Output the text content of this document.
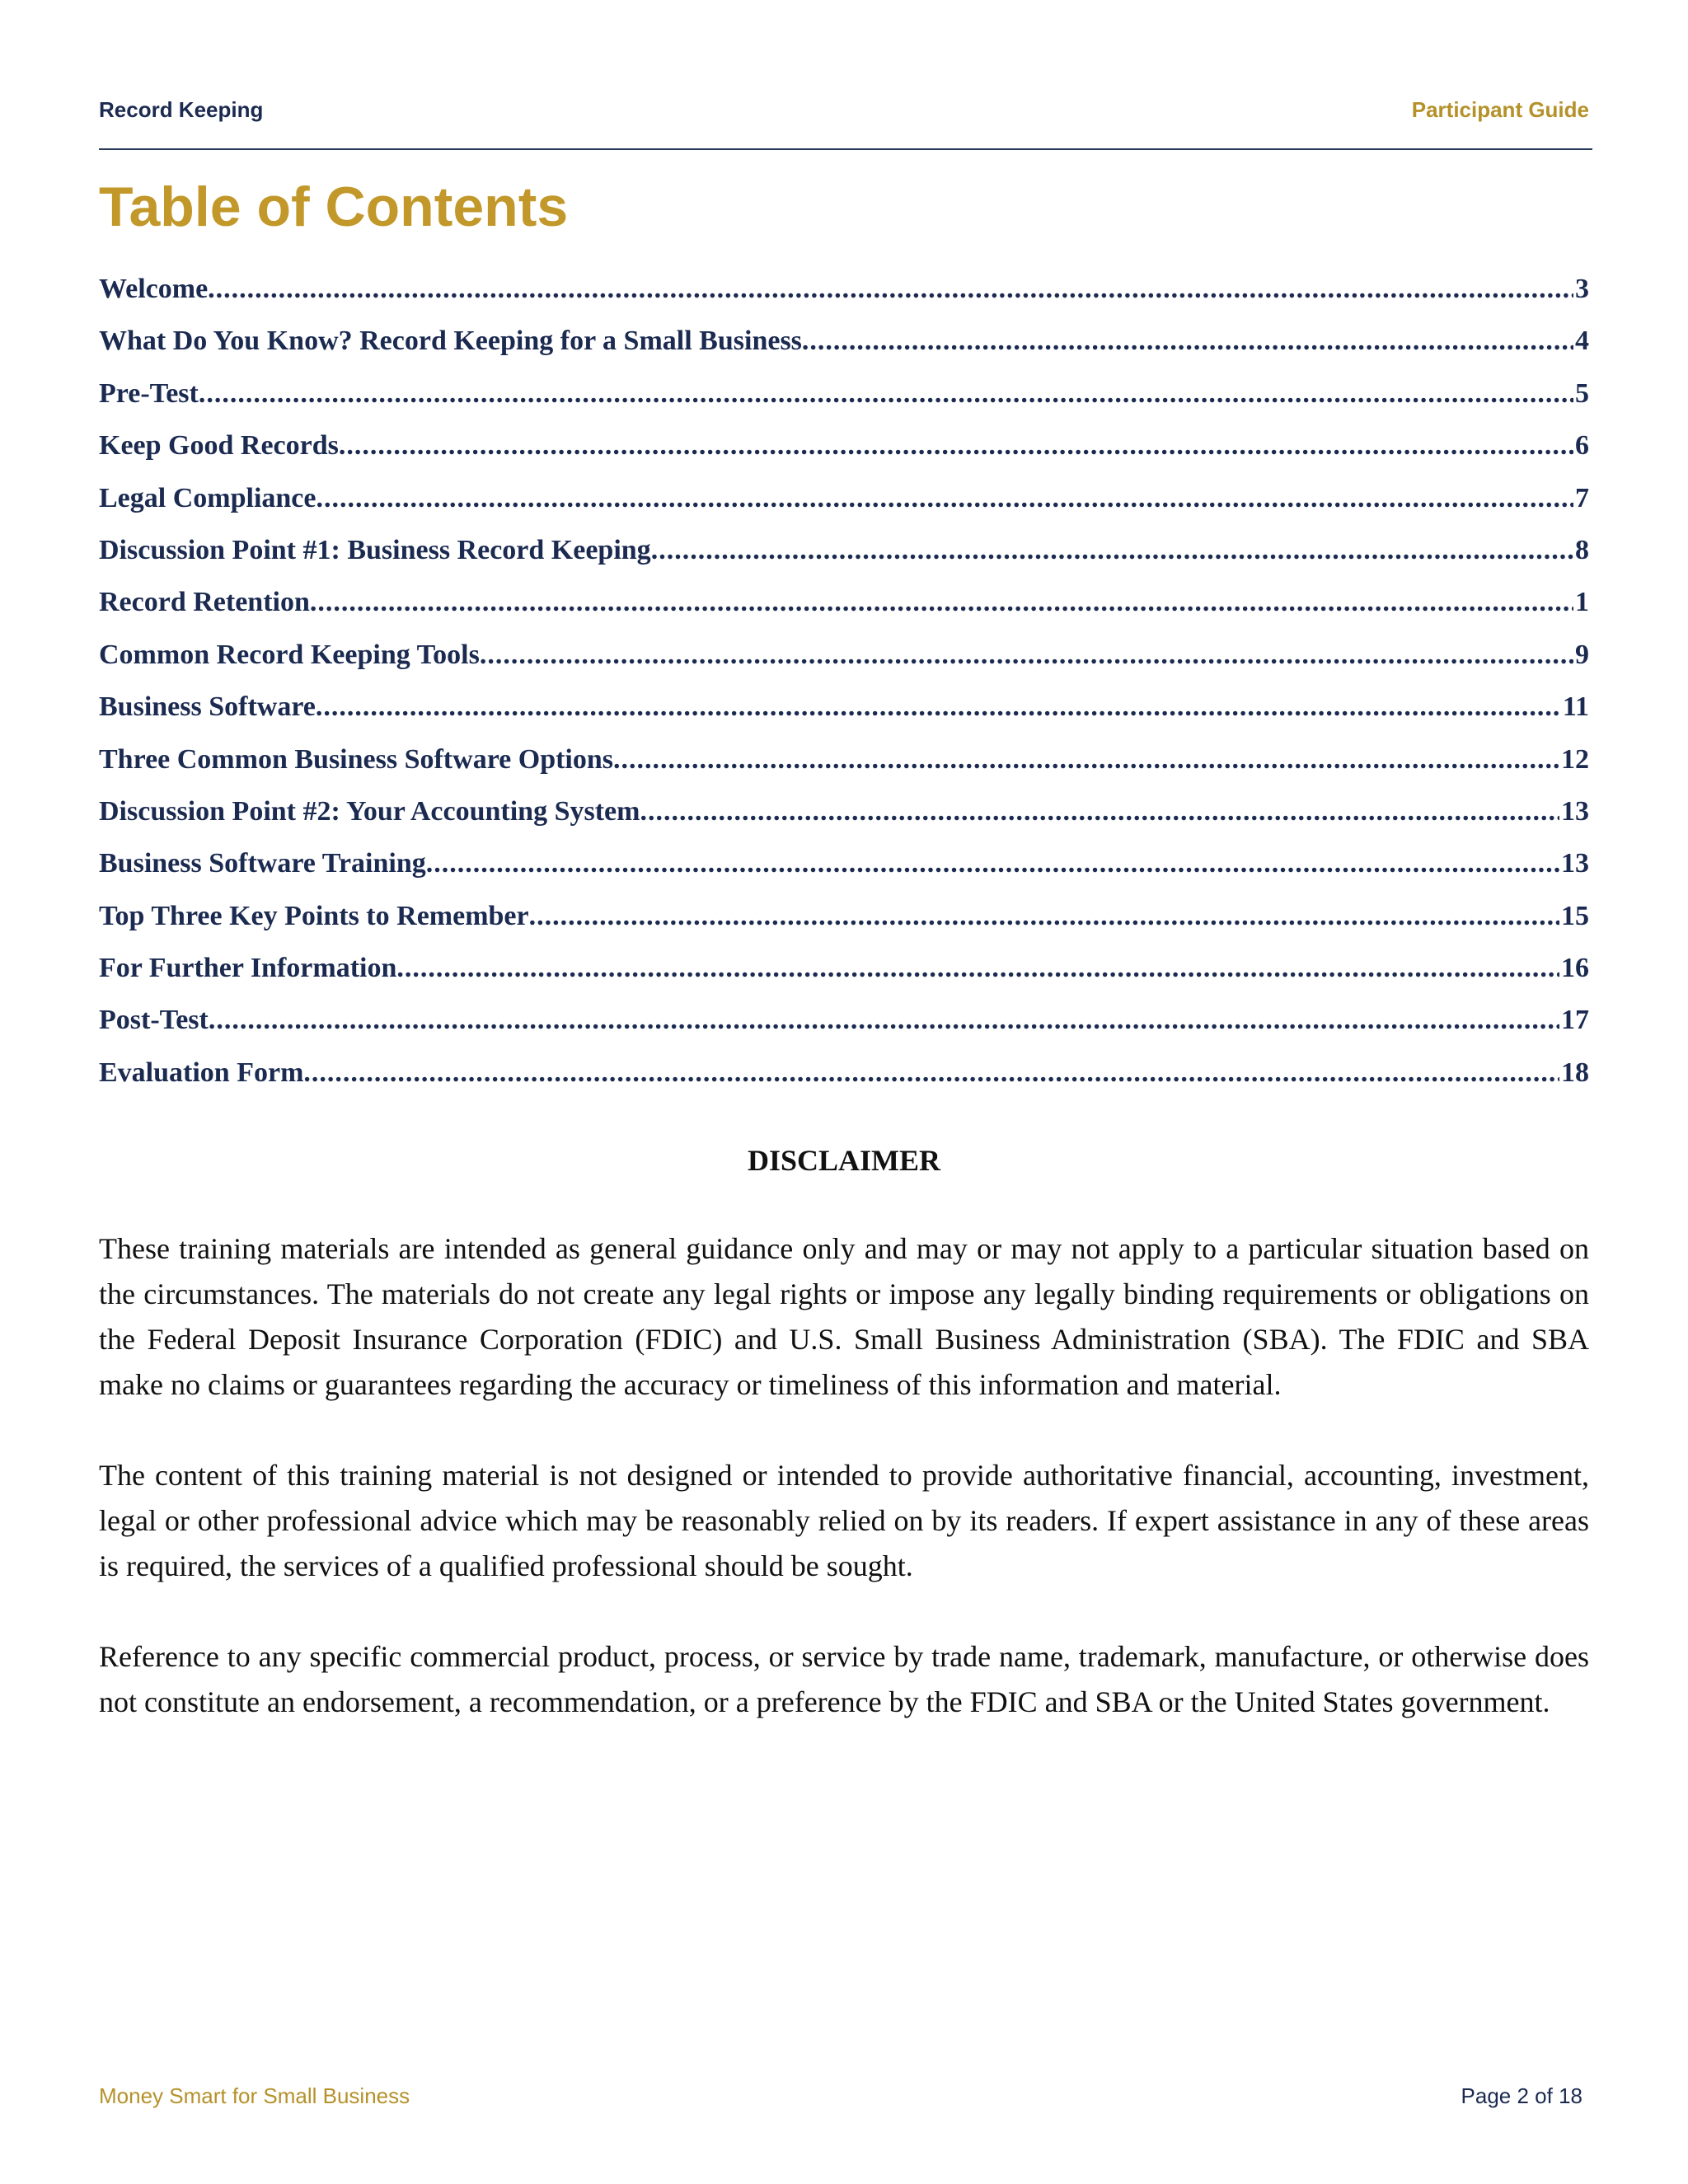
Record Keeping	Participant Guide
Table of Contents
Welcome .....	3
What Do You Know? Record Keeping for a Small Business .....	4
Pre-Test .....	5
Keep Good Records .....	6
Legal Compliance .....	7
Discussion Point #1: Business Record Keeping .....	8
Record Retention .....	1
Common Record Keeping Tools .....	9
Business Software .....	11
Three Common Business Software Options .....	12
Discussion Point #2: Your Accounting System .....	13
Business Software Training .....	13
Top Three Key Points to Remember .....	15
For Further Information .....	16
Post-Test .....	17
Evaluation Form .....	18
DISCLAIMER

These training materials are intended as general guidance only and may or may not apply to a particular situation based on the circumstances. The materials do not create any legal rights or impose any legally binding requirements or obligations on the Federal Deposit Insurance Corporation (FDIC) and U.S. Small Business Administration (SBA). The FDIC and SBA make no claims or guarantees regarding the accuracy or timeliness of this information and material.

The content of this training material is not designed or intended to provide authoritative financial, accounting, investment, legal or other professional advice which may be reasonably relied on by its readers. If expert assistance in any of these areas is required, the services of a qualified professional should be sought.

Reference to any specific commercial product, process, or service by trade name, trademark, manufacture, or otherwise does not constitute an endorsement, a recommendation, or a preference by the FDIC and SBA or the United States government.

Money Smart for Small Business	Page 2 of 18
